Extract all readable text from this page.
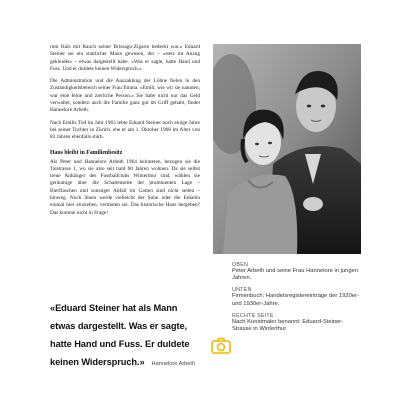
rum Hals mit Rauch seiner Brissago-Zigarre bedeckt war.» Eduard Steiner sei ein stattlicher Mann gewesen, der – »stets im Anzug gekleidet« – etwas dargestellt habe. «Was er sagte, hatte Hand und Fuss. Und er duldete keinen Widerspruch.»

Die Administration und die Auszahlung der Löhne fielen in den Zuständigkeitsbereich seiner Frau Emma. «Emili, wie wir sie nannten, war eine feine und zierliche Person.» Sie habe nicht nur das Geld verwaltet, sondern auch die Familie ganz gut im Griff gehabt, findet Hannelore Arbeth.

Nach Emilis Tod im Jahr 1963 lebte Eduard Steiner noch einige Jahre bei seiner Tochter in Zürich, ehe er am 1. Oktober 1968 im Alter von 83 Jahren ebenfalls starb.

Haus bleibt in Familienbesitz

Als Peter und Hannelore Arbeth 1964 heirateten, bezogen sie die Talstrasse 1, wo sie also seit bald 60 Jahren wohnen. Da sie selbst treue Anhänger des Fussballclubs Winterthur sind, wählen sie geräumige über die Schattenseite der prominenten Lage – Bierflaschen und sonstiger Abfall im Garten sind nicht selten – hinweg. Noch ihnen werde vielleicht der Sohn oder die Enkelin einmal hier einziehen, vermuten sie. Das historische Haus hergeben? Das komme nicht in Frage!

OBEN
Peter Arbeth und seine Frau Hannelore in jungen Jahren.
UNTEN
Firmenbuch: Handelsregistereinträge der 1920er- und 1930er-Jahre.
RECHTE SEITE
Nach Kunstmaler benannt: Eduard-Steiner-Strasse in Winterthur.
«Eduard Steiner hat als Mann etwas dargestellt. Was er sagte, hatte Hand und Fuss. Er duldete keinen Widerspruch.» Hannelore Arbeth
